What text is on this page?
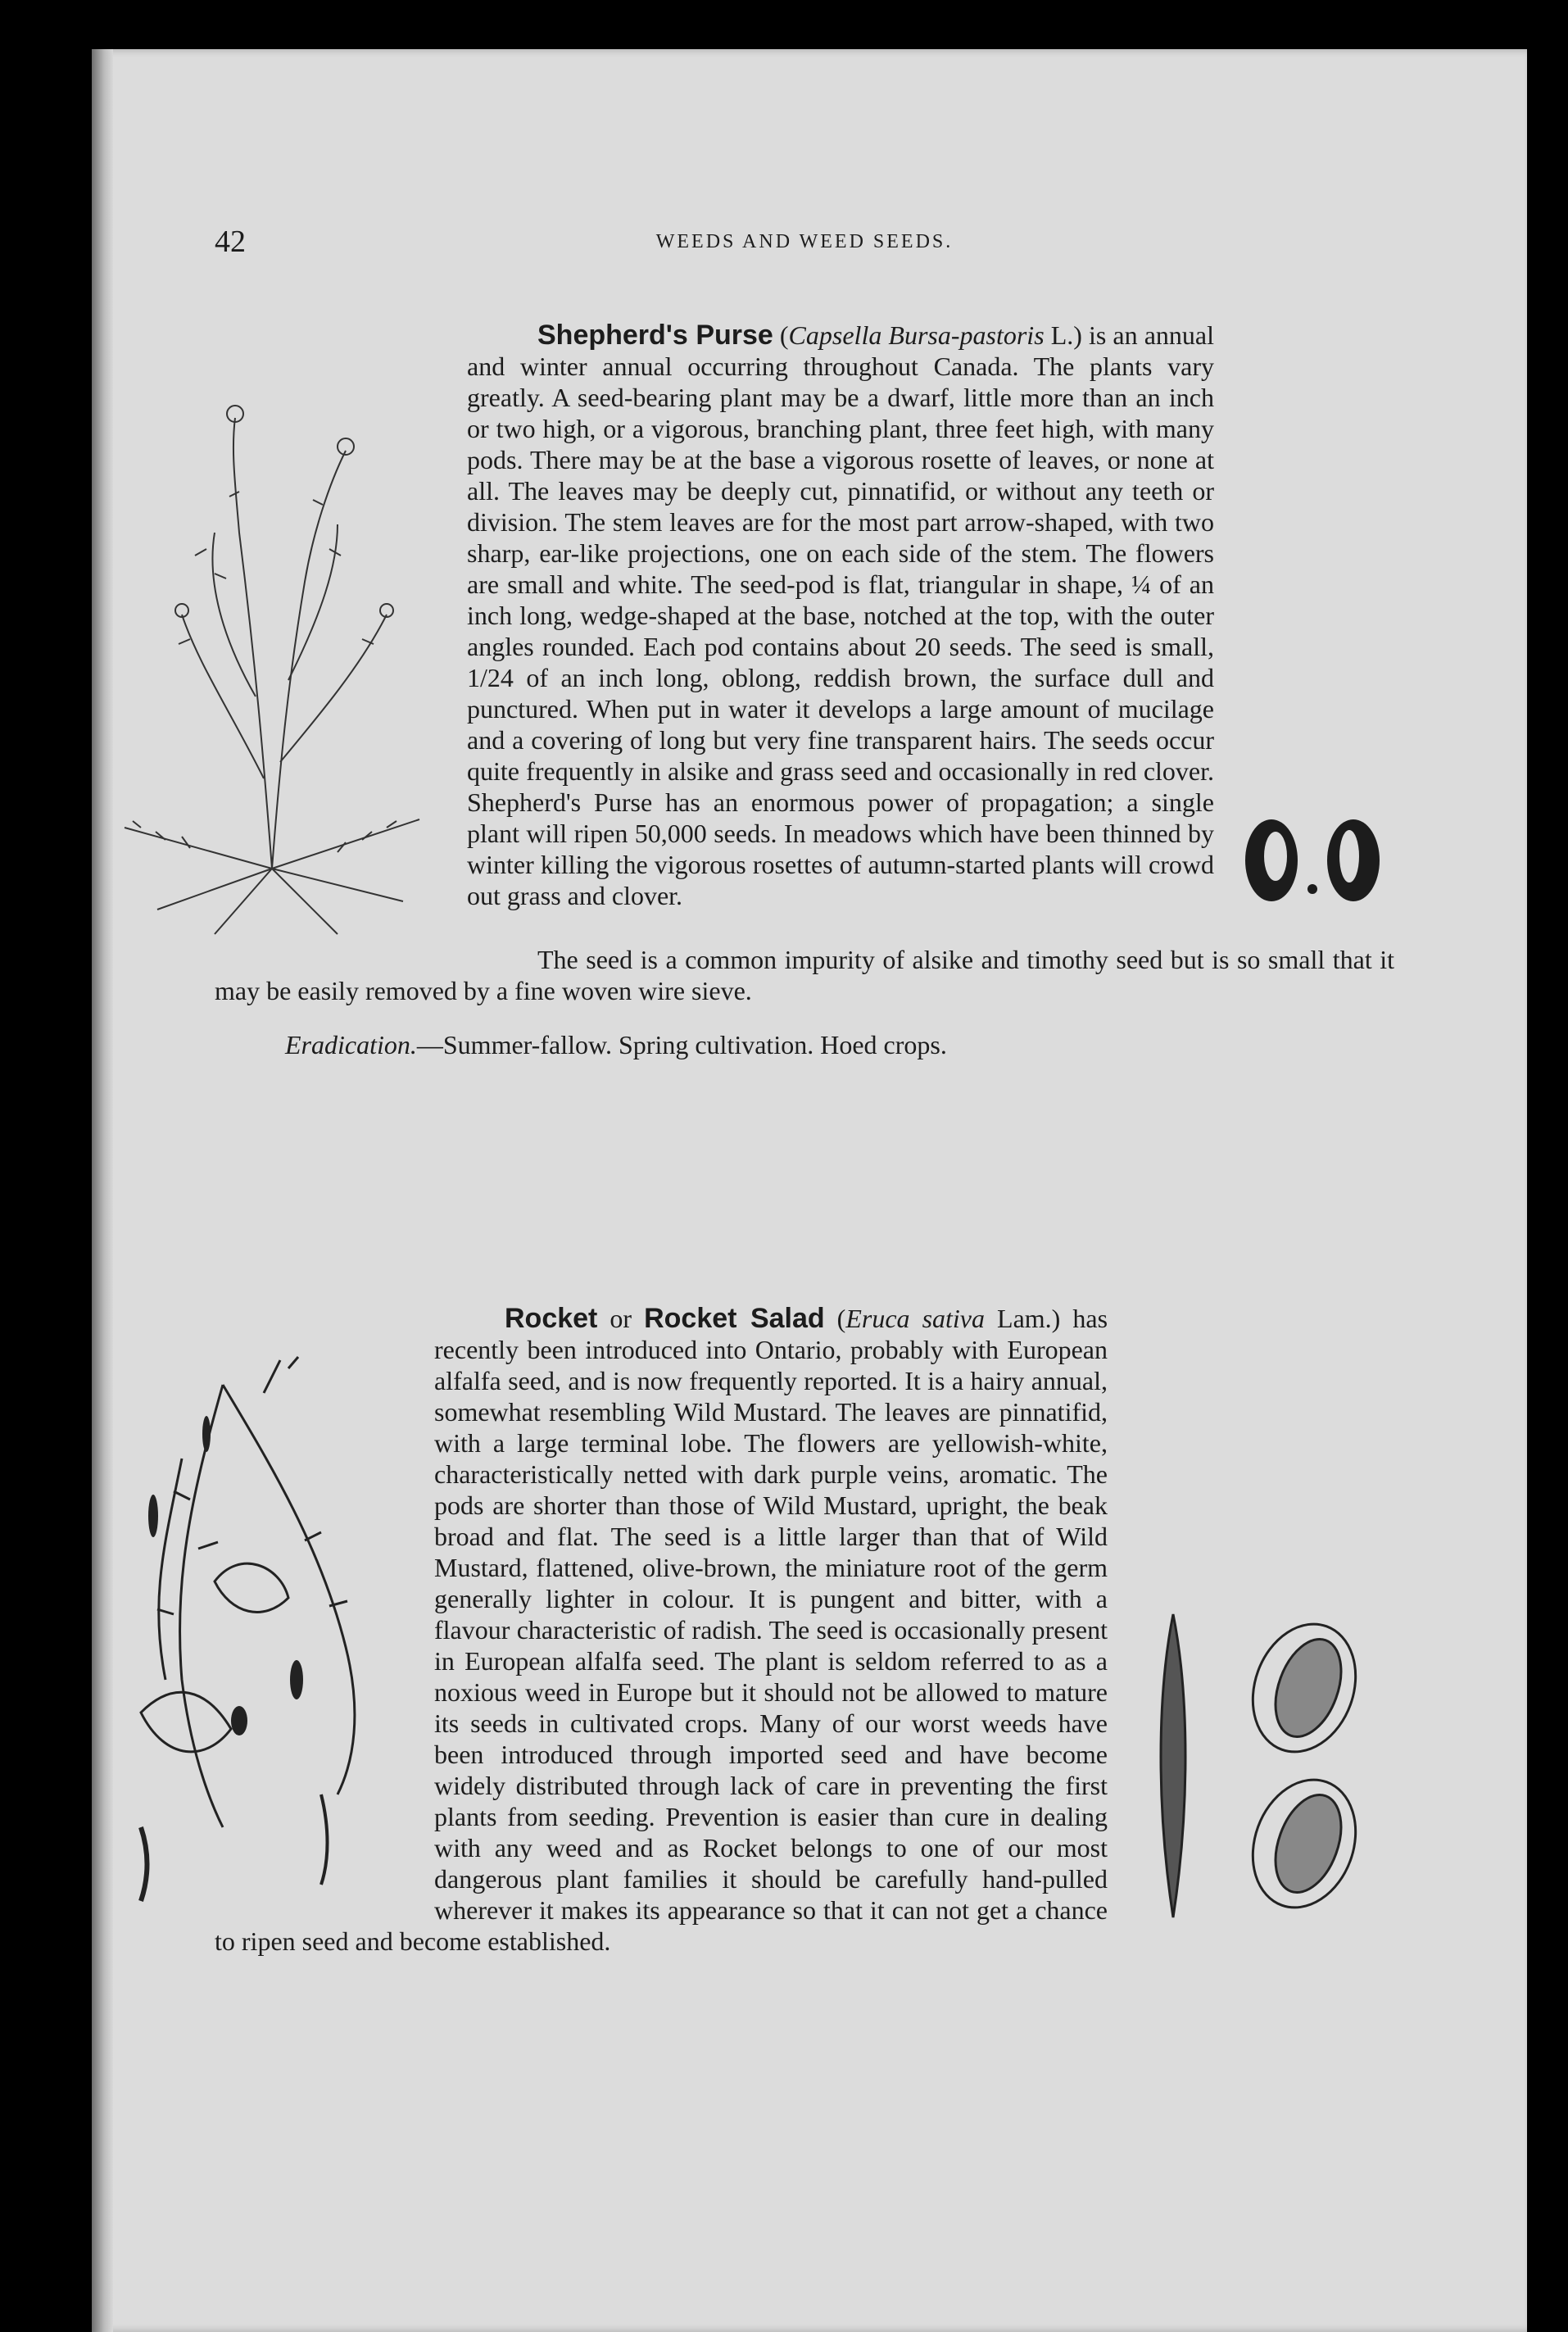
42	WEEDS AND WEED SEEDS.

Shepherd's Purse (Capsella Bursa-pastoris L.)
is an annual and winter annual occurring throughout Canada. The plants vary greatly. A seed-bearing plant may be a dwarf, little more than an inch or two high, or a vigorous, branching plant, three feet high, with many pods. There may be at the base a vigorous rosette of leaves, or none at all. The leaves may be deeply cut, pinnatifid, or without any teeth or division. The stem leaves are for the most part arrow-shaped, with two sharp, ear-like projections, one on each side of the stem. The flowers are small and white. The seed-pod is flat, triangular in shape, ¼ of an inch long, wedge-shaped at the base, notched at the top, with the outer angles rounded. Each pod contains about 20 seeds. The seed is small, 1/24 of an inch long, oblong, reddish brown, the surface dull and punctured. When put in water it develops a large amount of mucilage and a covering of long but very fine transparent hairs. The seeds occur quite frequently in alsike and grass seed and occasionally in red clover. Shepherd's Purse has an enormous power of propagation; a single plant will ripen 50,000 seeds. In meadows which have been thinned by winter killing the vigorous rosettes of autumn-started plants will crowd out grass and clover.

The seed is a common impurity of alsike and timothy seed but is so small that it may be easily removed by a fine woven wire sieve.

Eradication.—Summer-fallow. Spring cultivation. Hoed crops.

Rocket or Rocket Salad (Eruca sativa Lam.)
has recently been introduced into Ontario, probably with European alfalfa seed, and is now frequently reported. It is a hairy annual, somewhat resembling Wild Mustard. The leaves are pinnatifid, with a large terminal lobe. The flowers are yellowish-white, characteristically netted with dark purple veins, aromatic. The pods are shorter than those of Wild Mustard, upright, the beak broad and flat. The seed is a little larger than that of Wild Mustard, flattened, olive-brown, the miniature root of the germ generally lighter in colour. It is pungent and bitter, with a flavour characteristic of radish. The seed is occasionally present in European alfalfa seed. The plant is seldom referred to as a noxious weed in Europe but it should not be allowed to mature its seeds in cultivated crops. Many of our worst weeds have been introduced through imported seed and have become widely distributed through lack of care in preventing the first plants from seeding. Prevention is easier than cure in dealing with any weed and as Rocket belongs to one of our most dangerous plant families it should be carefully hand-pulled wherever it makes its appearance so that it can not get a chance to ripen seed and become established.
